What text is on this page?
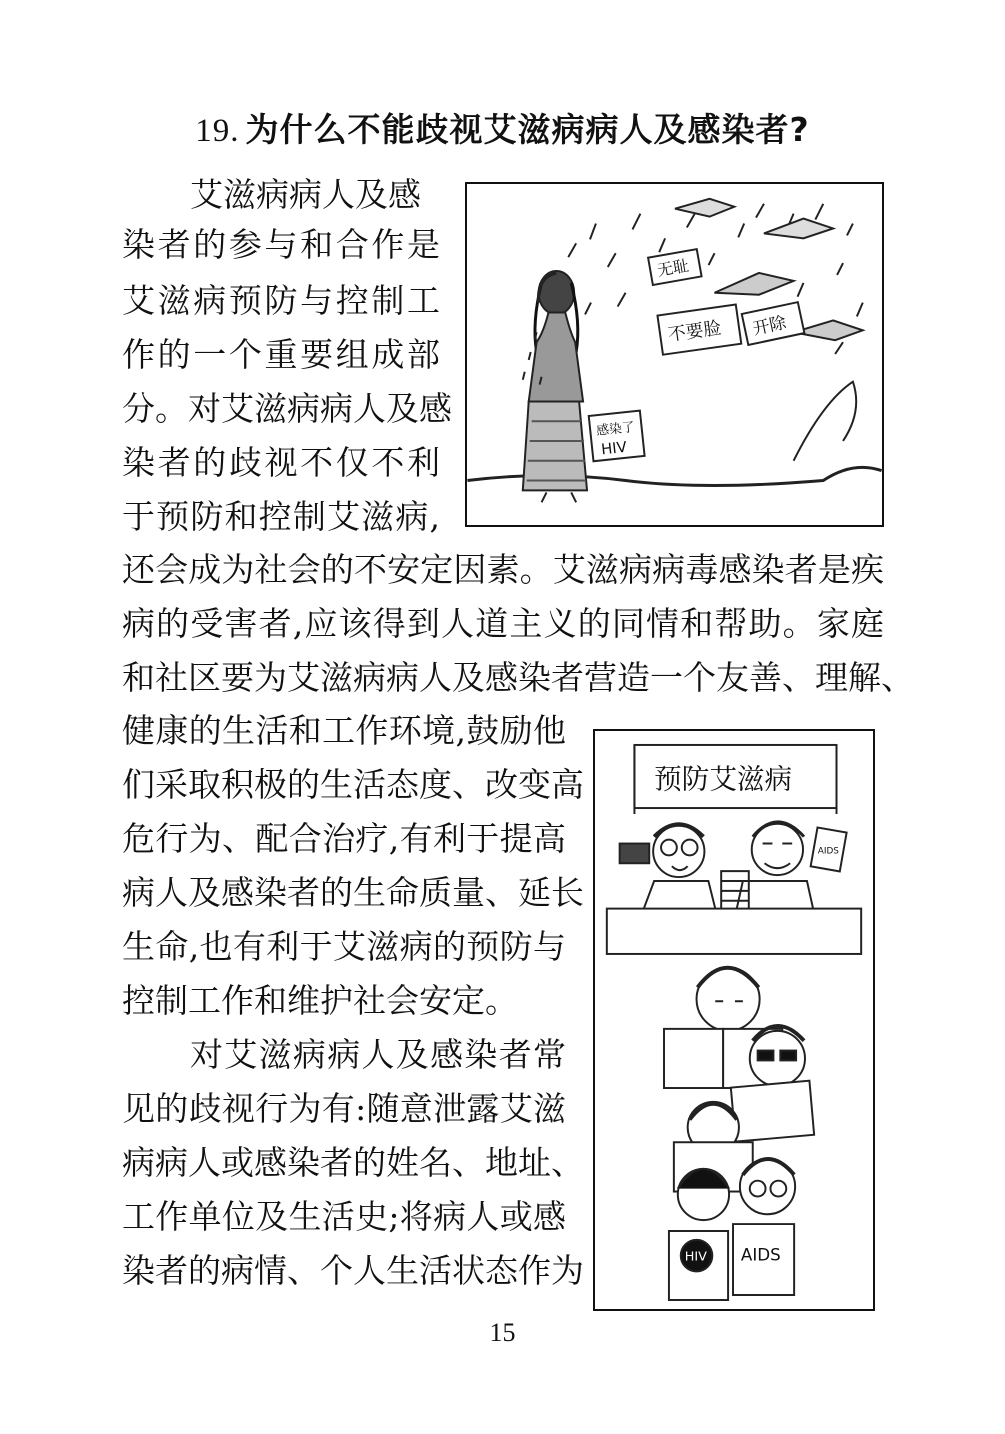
19. 为什么不能歧视艾滋病病人及感染者?
艾滋病病人及感
染者的参与和合作是
艾滋病预防与控制工
作的一个重要组成部
分。对艾滋病病人及感
染者的歧视不仅不利
于预防和控制艾滋病,
还会成为社会的不安定因素。艾滋病病毒感染者是疾
病的受害者,应该得到人道主义的同情和帮助。家庭
和社区要为艾滋病病人及感染者营造一个友善、理解、
健康的生活和工作环境,鼓励他
们采取积极的生活态度、改变高
危行为、配合治疗,有利于提高
病人及感染者的生命质量、延长
生命,也有利于艾滋病的预防与
控制工作和维护社会安定。
对艾滋病病人及感染者常
见的歧视行为有:随意泄露艾滋
病病人或感染者的姓名、地址、
工作单位及生活史;将病人或感
染者的病情、个人生活状态作为
无耻
不要脸 开除
感染了
HIV
预防艾滋病
AIDS
HIV AIDS
15
